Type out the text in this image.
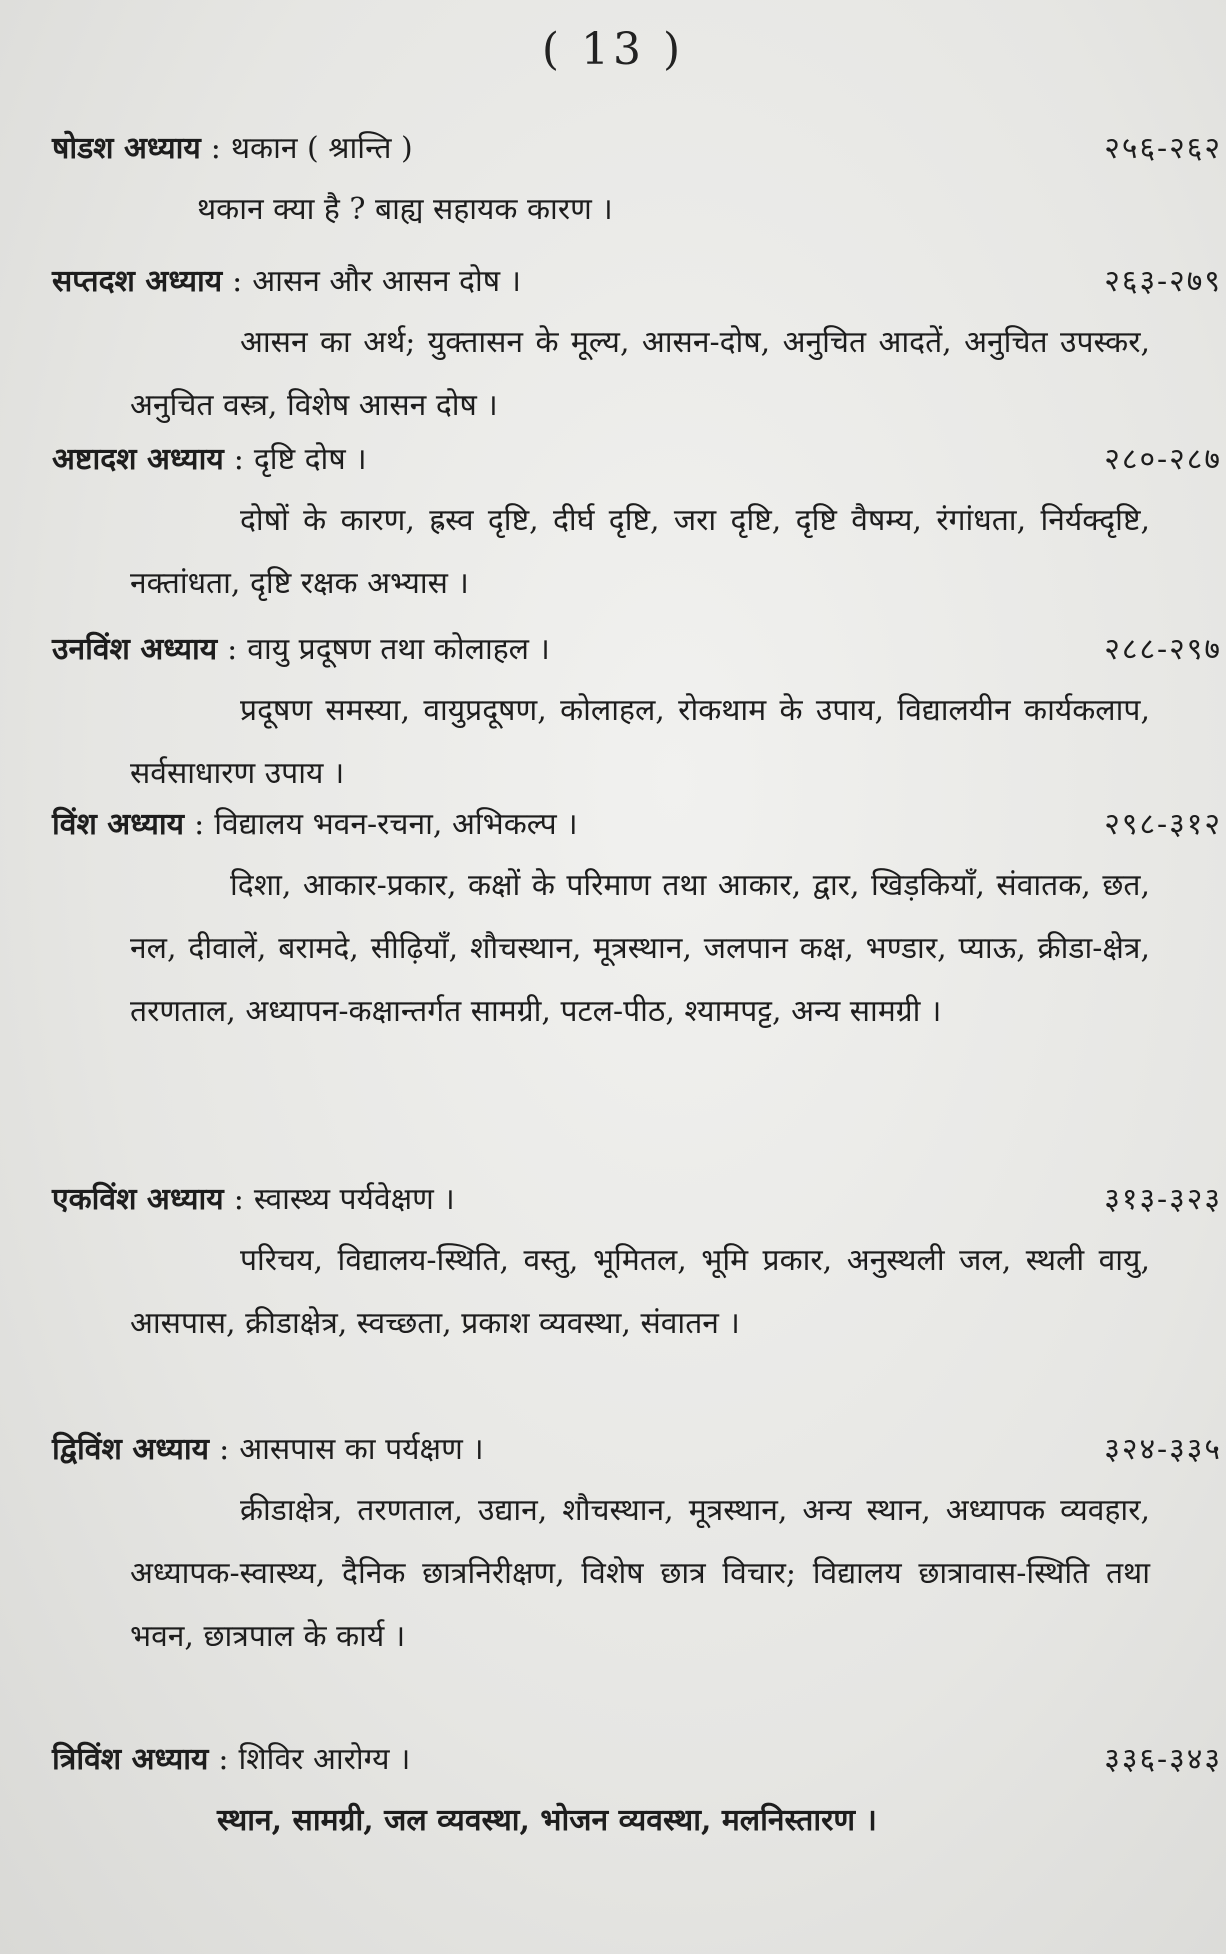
( 13 )
षोडश अध्याय : थकान ( श्रान्ति )	२५६-२६२
थकान क्या है ? बाह्य सहायक कारण ।
सप्तदश अध्याय : आसन और आसन दोष ।	२६३-२७९
आसन का अर्थ; युक्तासन के मूल्य, आसन-दोष, अनुचित आदतें, अनुचित उपस्कर, अनुचित वस्त्र, विशेष आसन दोष ।
अष्टादश अध्याय : दृष्टि दोष ।	२८०-२८७
दोषों के कारण, ह्रस्व दृष्टि, दीर्घ दृष्टि, जरा दृष्टि, दृष्टि वैषम्य, रंगांधता, निर्यक्दृष्टि, नक्तांधता, दृष्टि रक्षक अभ्यास ।
उनविंश अध्याय : वायु प्रदूषण तथा कोलाहल ।	२८८-२९७
प्रदूषण समस्या, वायुप्रदूषण, कोलाहल, रोकथाम के उपाय, विद्यालयीन कार्यकलाप, सर्वसाधारण उपाय ।
विंश अध्याय : विद्यालय भवन-रचना, अभिकल्प ।	२९८-३१२
दिशा, आकार-प्रकार, कक्षों के परिमाण तथा आकार, द्वार, खिड़कियाँ, संवातक, छत, नल, दीवालें, बरामदे, सीढ़ियाँ, शौचस्थान, मूत्रस्थान, जलपान कक्ष, भण्डार, प्याऊ, क्रीडा-क्षेत्र, तरणताल, अध्यापन-कक्षान्तर्गत सामग्री, पटल-पीठ, श्यामपट्ट, अन्य सामग्री ।
एकविंश अध्याय : स्वास्थ्य पर्यवेक्षण ।	३१३-३२३
परिचय, विद्यालय-स्थिति, वस्तु, भूमितल, भूमि प्रकार, अनुस्थली जल, स्थली वायु, आसपास, क्रीडाक्षेत्र, स्वच्छता, प्रकाश व्यवस्था, संवातन ।
द्विविंश अध्याय : आसपास का पर्यक्षण ।	३२४-३३५
क्रीडाक्षेत्र, तरणताल, उद्यान, शौचस्थान, मूत्रस्थान, अन्य स्थान, अध्यापक व्यवहार, अध्यापक-स्वास्थ्य, दैनिक छात्रनिरीक्षण, विशेष छात्र विचार; विद्यालय छात्रावास-स्थिति तथा भवन, छात्रपाल के कार्य ।
त्रिविंश अध्याय : शिविर आरोग्य ।	३३६-३४३
स्थान, सामग्री, जल व्यवस्था, भोजन व्यवस्था, मलनिस्तारण ।
